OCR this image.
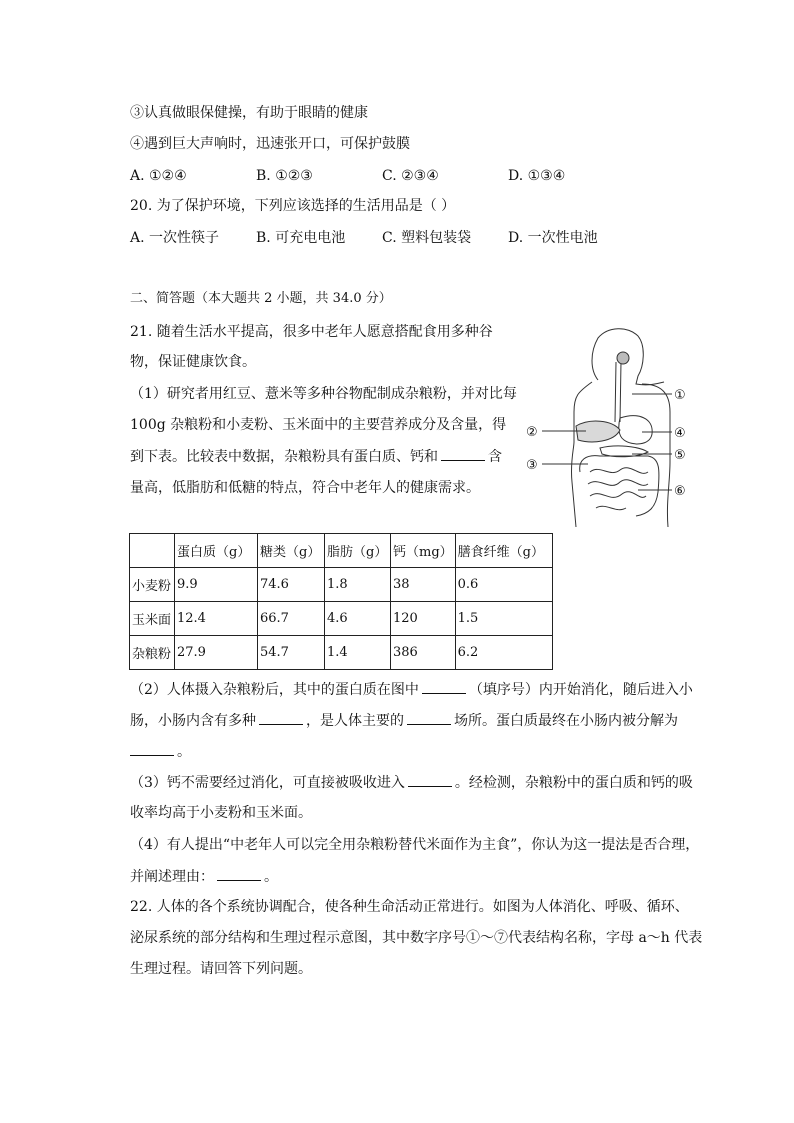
③认真做眼保健操，有助于眼睛的健康
④遇到巨大声响时，迅速张开口，可保护鼓膜
A. ①②④	B. ①②③	C. ②③④	D. ①③④
20. 为了保护环境，下列应该选择的生活用品是（ ）
A. 一次性筷子	B. 可充电电池	C. 塑料包装袋	D. 一次性电池
二、简答题（本大题共 2 小题，共 34.0 分）
21. 随着生活水平提高，很多中老年人愿意搭配食用多种谷
物，保证健康饮食。
（1）研究者用红豆、薏米等多种谷物配制成杂粮粉，并对比每
100g 杂粮粉和小麦粉、玉米面中的主要营养成分及含量，得
到下表。比较表中数据，杂粮粉具有蛋白质、钙和	含
量高，低脂肪和低糖的特点，符合中老年人的健康需求。
①
②
③
④
⑤
⑥
	蛋白质（g）	糖类（g）	脂肪（g）	钙（mg）	膳食纤维（g）
小麦粉	9.9	74.6	1.8	38	0.6
玉米面	12.4	66.7	4.6	120	1.5
杂粮粉	27.9	54.7	1.4	386	6.2
（2）人体摄入杂粮粉后，其中的蛋白质在图中	（填序号）内开始消化，随后进入小
肠，小肠内含有多种	，是人体主要的	场所。蛋白质最终在小肠内被分解为
。
（3）钙不需要经过消化，可直接被吸收进入	。经检测，杂粮粉中的蛋白质和钙的吸
收率均高于小麦粉和玉米面。
（4）有人提出“中老年人可以完全用杂粮粉替代米面作为主食”，你认为这一提法是否合理，
并阐述理由：	。
22. 人体的各个系统协调配合，使各种生命活动正常进行。如图为人体消化、呼吸、循环、
泌尿系统的部分结构和生理过程示意图，其中数字序号①～⑦代表结构名称，字母 a～h 代表
生理过程。请回答下列问题。
